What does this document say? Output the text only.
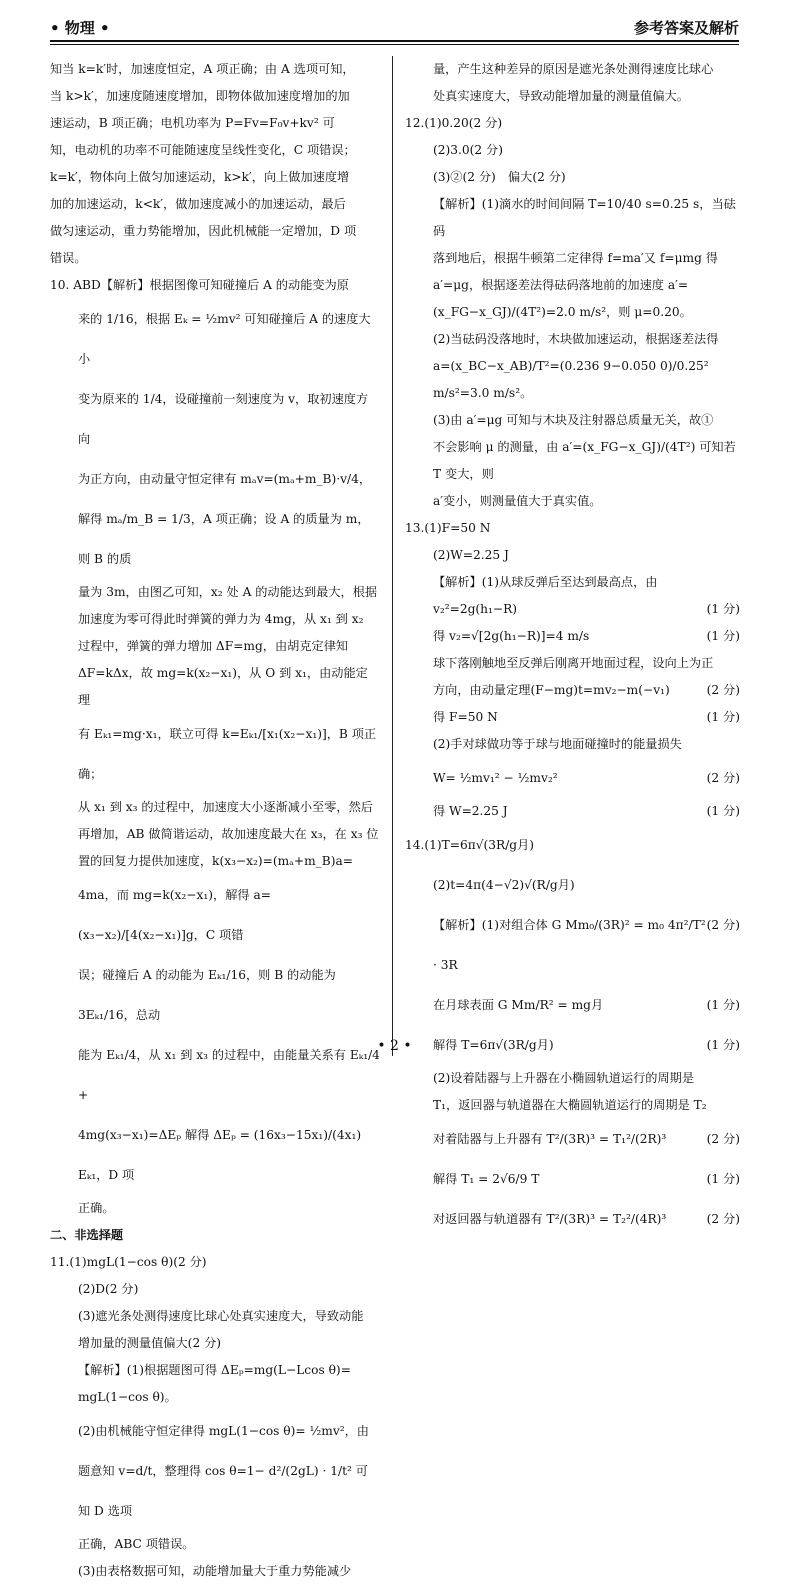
• 物理 •	参考答案及解析

知当 k=k′时，加速度恒定，A 项正确；由 A 选项可知，

当 k>k′，加速度随速度增加，即物体做加速度增加的加

速运动，B 项正确；电机功率为 P=Fv=F₀v+kv² 可

知，电动机的功率不可能随速度呈线性变化，C 项错误；

k=k′，物体向上做匀加速运动，k>k′，向上做加速度增

加的加速运动，k<k′，做加速度减小的加速运动，最后

做匀速运动，重力势能增加，因此机械能一定增加，D 项

错误。

10. ABD【解析】根据图像可知碰撞后 A 的动能变为原

来的 1/16，根据 Eₖ = ½mv² 可知碰撞后 A 的速度大小

变为原来的 1/4，设碰撞前一刻速度为 v，取初速度方向

为正方向，由动量守恒定律有 mₐv=(mₐ+m_B)·v/4，

解得 mₐ/m_B = 1/3，A 项正确；设 A 的质量为 m，则 B 的质

量为 3m，由图乙可知，x₂ 处 A 的动能达到最大，根据

加速度为零可得此时弹簧的弹力为 4mg，从 x₁ 到 x₂

过程中，弹簧的弹力增加 ΔF=mg，由胡克定律知

ΔF=kΔx，故 mg=k(x₂−x₁)，从 O 到 x₁，由动能定理

有 Eₖ₁=mg·x₁，联立可得 k=Eₖ₁/[x₁(x₂−x₁)]，B 项正确；

从 x₁ 到 x₃ 的过程中，加速度大小逐渐减小至零，然后

再增加，AB 做简谐运动，故加速度最大在 x₃，在 x₃ 位

置的回复力提供加速度，k(x₃−x₂)=(mₐ+m_B)a=

4ma，而 mg=k(x₂−x₁)，解得 a=(x₃−x₂)/[4(x₂−x₁)]g，C 项错

误；碰撞后 A 的动能为 Eₖ₁/16，则 B 的动能为 3Eₖ₁/16，总动

能为 Eₖ₁/4，从 x₁ 到 x₃ 的过程中，由能量关系有 Eₖ₁/4 +

4mg(x₃−x₁)=ΔEₚ 解得 ΔEₚ = (16x₃−15x₁)/(4x₁) Eₖ₁，D 项

正确。

二、非选择题

11.(1)mgL(1−cos θ)(2 分)

(2)D(2 分)

(3)遮光条处测得速度比球心处真实速度大，导致动能

增加量的测量值偏大(2 分)

【解析】(1)根据题图可得 ΔEₚ=mg(L−Lcos θ)=

mgL(1−cos θ)。

(2)由机械能守恒定律得 mgL(1−cos θ)= ½mv²，由

题意知 v=d/t，整理得 cos θ=1− d²/(2gL) · 1/t² 可知 D 选项

正确，ABC 项错误。

(3)由表格数据可知，动能增加量大于重力势能减少

量，产生这种差异的原因是遮光条处测得速度比球心

处真实速度大，导致动能增加量的测量值偏大。

12.(1)0.20(2 分)

(2)3.0(2 分)

(3)②(2 分)　偏大(2 分)

【解析】(1)滴水的时间间隔 T=10/40 s=0.25 s，当砝码

落到地后，根据牛顿第二定律得 f=ma′又 f=μmg 得

a′=μg，根据逐差法得砝码落地前的加速度 a′=

(x_FG−x_GJ)/(4T²)=2.0 m/s²，则 μ=0.20。

(2)当砝码没落地时，木块做加速运动，根据逐差法得

a=(x_BC−x_AB)/T²=(0.236 9−0.050 0)/0.25² m/s²=3.0 m/s²。

(3)由 a′=μg 可知与木块及注射器总质量无关，故①

不会影响 μ 的测量，由 a′=(x_FG−x_GJ)/(4T²) 可知若 T 变大，则

a′变小，则测量值大于真实值。

13.(1)F=50 N

(2)W=2.25 J

【解析】(1)从球反弹后至达到最高点，由

v₂²=2g(h₁−R)	(1 分)
得 v₂=√[2g(h₁−R)]=4 m/s	(1 分)

球下落刚触地至反弹后刚离开地面过程，设向上为正

方向，由动量定理(F−mg)t=mv₂−m(−v₁)	(2 分)
得 F=50 N	(1 分)

(2)手对球做功等于球与地面碰撞时的能量损失

W= ½mv₁² − ½mv₂²	(2 分)
得 W=2.25 J	(1 分)

14.(1)T=6π√(3R/g月)

(2)t=4π(4−√2)√(R/g月)

【解析】(1)对组合体 G Mm₀/(3R)² = m₀ 4π²/T² · 3R
(2 分)
在月球表面 G Mm/R² = mg月	(1 分)
解得 T=6π√(3R/g月)	(1 分)

(2)设着陆器与上升器在小椭圆轨道运行的周期是

T₁，返回器与轨道器在大椭圆轨道运行的周期是 T₂

对着陆器与上升器有 T²/(3R)³ = T₁²/(2R)³	(2 分)
解得 T₁ = 2√6/9 T	(1 分)
对返回器与轨道器有 T²/(3R)³ = T₂²/(4R)³	(2 分)
• 2 •
